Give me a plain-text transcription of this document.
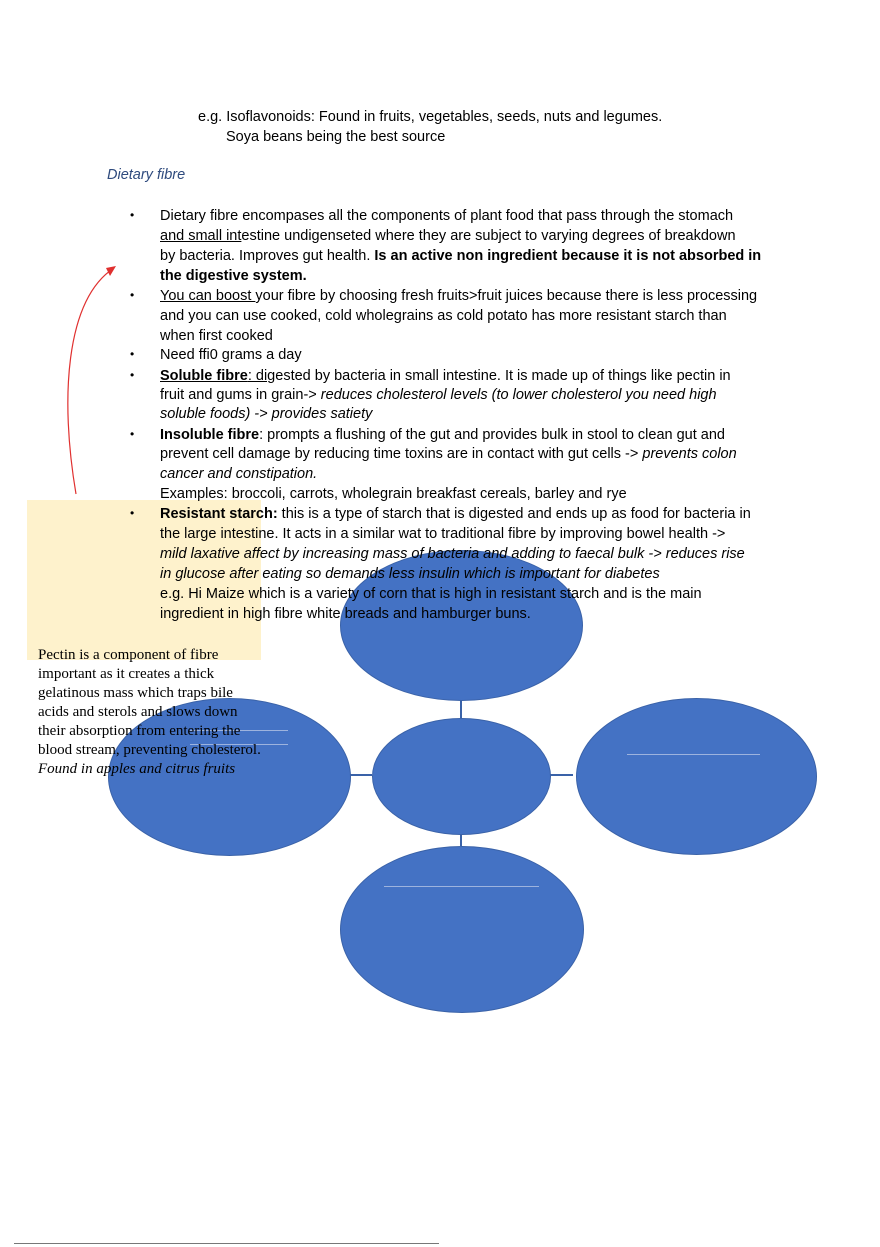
e.g. Isoflavonoids: Found in fruits, vegetables, seeds, nuts and legumes.
Soya beans being the best source
Dietary fibre
• Dietary fibre encompases all the components of plant food that pass through the stomach
and small intestine undigenseted where they are subject to varying degrees of breakdown
by bacteria. Improves gut health. Is an active non ingredient because it is not absorbed in
the digestive system.
• You can boost your fibre by choosing fresh fruits>fruit juices because there is less processing
and you can use cooked, cold wholegrains as cold potato has more resistant starch than
when first cooked
• Need ffi0 grams a day
• Soluble fibre: digested by bacteria in small intestine. It is made up of things like pectin in
fruit and gums in grain-> reduces cholesterol levels (to lower cholesterol you need high
soluble foods) -> provides satiety
• Insoluble fibre: prompts a flushing of the gut and provides bulk in stool to clean gut and
prevent cell damage by reducing time toxins are in contact with gut cells -> prevents colon
cancer and constipation.
Examples: broccoli, carrots, wholegrain breakfast cereals, barley and rye
• Resistant starch: this is a type of starch that is digested and ends up as food for bacteria in
the large intestine. It acts in a similar wat to traditional fibre by improving bowel health ->
mild laxative affect by increasing mass of bacteria and adding to faecal bulk -> reduces rise
in glucose after eating so demands less insulin which is important for diabetes
e.g. Hi Maize which is a variety of corn that is high in resistant starch and is the main
ingredient in high fibre white breads and hamburger buns.
Pectin is a component of fibre important as it creates a thick gelatinous mass which traps bile acids and sterols and slows down their absorption from entering the blood stream, preventing cholesterol. Found in apples and citrus fruits
